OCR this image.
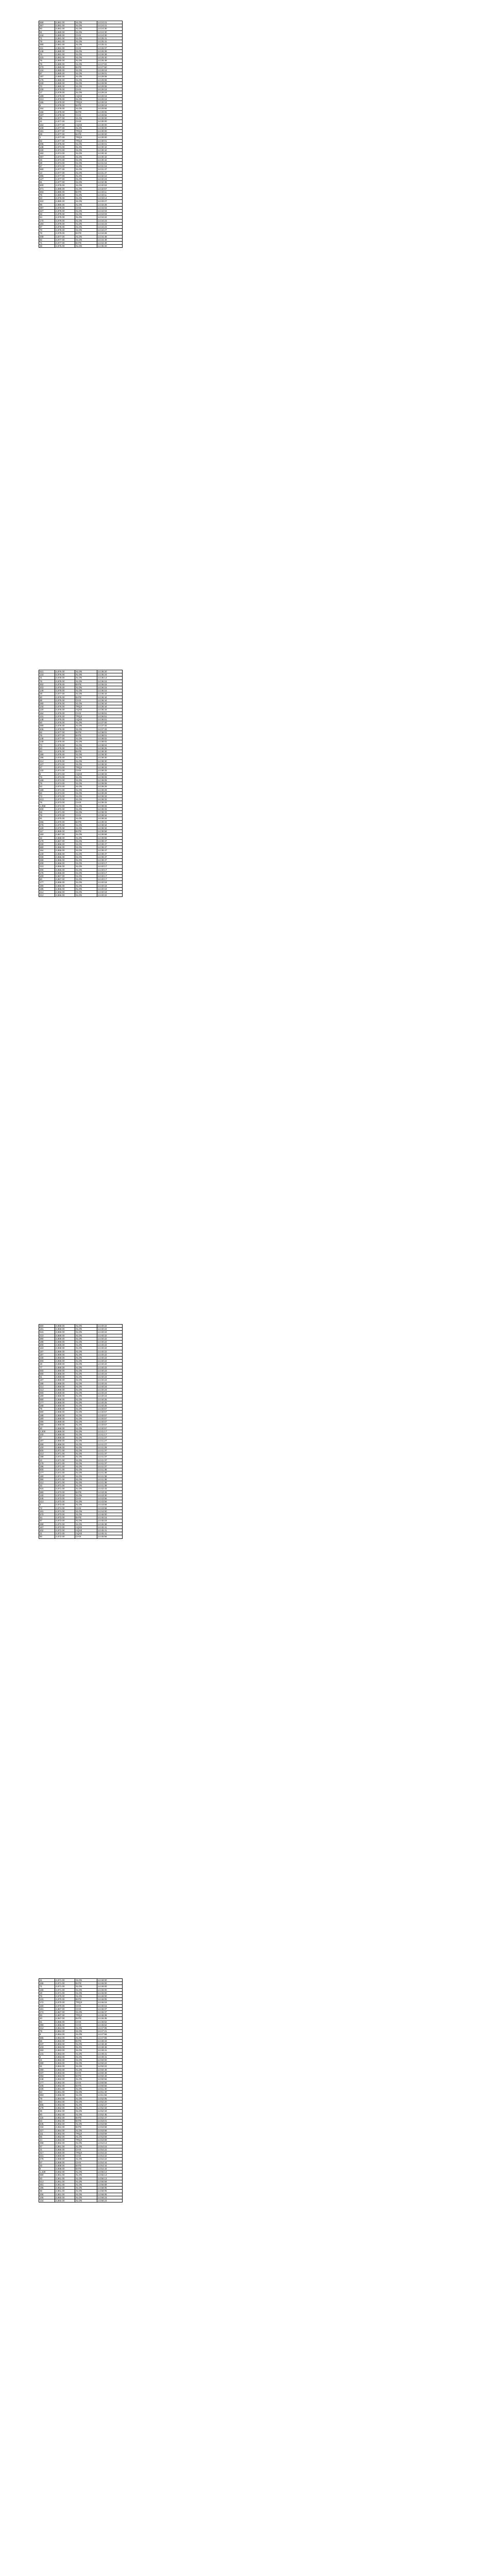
668	4,881.00	XLON	14:24:21
367	4,881.00	XLON	14:24:21
60	4,881.00	XLON	14:24:30
81	4,880.00	XLON	14:24:30
244	4,880.00	CHIX	14:24:30
71	4,881.00	XLON	14:25:41
79	4,881.00	XLON	14:25:41
480	4,881.00	XLON	14:25:41
211	4,881.00	CHIX	14:26:37
148	4,880.00	XLON	14:26:39
76	4,881.00	XLON	14:26:39
415	4,881.00	XLON	14:26:40
76	4,880.00	XLON	14:26:49
76	4,880.00	XLON	14:27:02
270	4,880.00	BATE	14:27:50
124	4,880.00	XLON	14:28:18
87	4,880.00	XLON	14:29:01
197	4,880.00	XLON	14:29:08
176	4,880.00	XLON	14:29:08
230	4,880.00	XLON	14:29:08
70	4,880.00	XLON	14:29:08
230	4,879.00	CHIX	14:29:18
17	4,879.00	XLON	14:29:18
189	4,879.00	AQXE	14:29:18
213	4,878.00	XLON	14:29:18
156	4,879.00	TRQX	14:29:18
6	4,879.00	BATE	14:29:18
164	4,878.00	XLON	14:29:55
156	4,878.00	BATE	14:29:55
197	4,878.00	CHIX	14:29:56
98	4,877.00	XLON	14:30:00
41	4,877.00	CHIX	14:30:00
154	4,877.00	AQXE	14:30:00
109	4,877.00	XLON	14:30:00
191	4,877.00	TRQX	14:30:00
39	4,877.00	BATE	14:30:00
1	4,877.00	TRQX	14:30:00
82	4,877.00	TRQX	14:30:01
205	4,876.00	XLON	14:30:01
138	4,874.00	XLON	14:30:42
230	4,874.00	XLON	14:30:42
182	4,874.00	XLON	14:30:42
367	4,874.00	XLON	14:30:42
26	4,874.00	XLON	14:30:42
28	4,874.00	XLON	14:31:16
57	4,874.00	XLON	14:31:16
560	4,877.00	XLON	14:31:47
13	4,877.00	XLON	14:31:47
386	4,877.00	XLON	14:32:10
127	4,877.00	XLON	14:32:23
81	4,877.00	XLON	14:32:35
500	4,876.00	XLON	14:32:53
371	4,880.00	XLON	14:32:57
303	4,880.00	BATE	14:33:11
76	4,880.00	XLON	14:33:11
23	4,879.00	XLON	14:33:14
322	4,880.00	XLON	14:33:27
99	4,880.00	XLON	14:33:28
397	4,879.00	CHIX	14:34:03
327	4,879.00	XLON	14:34:03
32	4,879.00	XLON	14:34:03
84	4,879.00	XLON	14:34:22
170	4,879.00	XLON	14:34:23
194	4,879.00	XLON	14:34:23
87	4,878.00	XLON	14:34:23
70	4,878.00	XLON	14:34:27
76	4,879.00	BATE	14:34:28
209	4,877.00	XLON	14:34:49
82	4,877.00	XLON	14:34:49
71	4,877.00	BATE	14:34:49
36	4,876.00	XLON	14:35:20
521	4,876.00	XLON	14:35:20
133	4,876.00	XLON	14:35:24
21	4,878.00	XLON	14:36:14
76	4,878.00	XLON	14:36:15
302	4,878.00	BATE	14:36:15
203	4,878.00	XLON	14:36:15
149	4,878.00	XLON	14:36:16
28	4,877.00	XLON	14:36:44
90	4,876.00	BATE	14:36:44
89	4,876.00	CHIX	14:36:44
280	4,876.00	XLON	14:36:44
134	4,876.00	TRQX	14:36:44
120	4,876.00	AQXE	14:36:44
164	4,876.00	CHIX	14:36:51
131	4,876.00	TRQX	14:36:51
148	4,876.00	AQXE	14:36:51
60	4,876.00	XLON	14:37:00
490	4,876.00	XLON	14:37:33
406	4,876.00	XLON	14:37:33
82	4,877.00	BATE	14:38:01
76	4,877.00	BATE	14:38:01
148	4,877.00	XLON	14:38:02
149	4,876.00	XLON	14:38:02
73	4,876.00	XLON	14:38:04
63	4,876.00	XLON	14:38:25
84	4,875.00	BATE	14:38:30
199	4,875.00	XLON	14:38:30
196	4,875.00	XLON	14:38:30
214	4,875.00	XLON	14:38:30
127	4,874.00	XLON	14:38:32
67	4,874.00	TRQX	14:38:33
132	4,874.00	CHIX	14:38:33
6	4,874.00	AQXE	14:38:33
76	4,874.00	XLON	14:39:09
168	4,874.00	XLON	14:39:09
79	4,874.00	XLON	14:39:09
53	4,874.00	XLON	14:39:29
189	4,874.00	XLON	14:39:29
82	4,874.00	XLON	14:39:29
73	4,873.00	XLON	14:39:33
413	4,873.00	XLON	14:39:33
76	4,873.00	CHIX	14:39:33
1,058	4,872.00	XLON	14:39:33
400	4,872.00	XLON	14:39:33
26	4,871.00	XLON	14:39:33
79	4,870.00	CHIX	14:39:34
81	4,870.00	XLON	14:39:34
266	4,870.00	BATE	14:39:34
276	4,870.00	XLON	14:39:34
129	4,870.00	XLON	14:39:34
117	4,869.00	BATE	14:39:58
150	4,867.00	XLON	14:39:58
32	4,868.00	XLON	14:39:58
178	4,867.00	XLON	14:39:47
230	4,866.00	XLON	14:39:47
680	4,866.00	XLON	14:39:47
164	4,866.00	XLON	14:39:47
140	4,866.00	XLON	14:39:47
230	4,866.00	XLON	14:39:47
258	4,866.00	XLON	14:39:47
209	4,866.00	XLON	14:40:17
210	4,866.00	XLON	14:40:17
200	4,866.00	XLON	14:40:17
176	4,866.00	XLON	14:40:17
100	4,867.00	XLON	14:40:17
60	4,867.00	XLON	14:40:17
177	4,866.00	XLON	14:40:18
190	4,866.00	XLON	14:40:18
195	4,866.00	XLON	14:40:18
214	4,866.00	XLON	14:40:18
212	4,866.00	XLON	14:40:22
560	4,869.00	XLON	14:40:22
191	4,869.00	XLON	14:40:22
515	4,869.00	XLON	14:40:22
210	4,869.00	XLON	14:40:22
380	4,869.00	XLON	14:40:22
188	4,869.00	XLON	14:40:22
200	4,869.00	XLON	14:40:22
163	4,868.00	XLON	14:40:22
187	4,869.00	XLON	14:40:22
187	4,869.00	XLON	14:40:22
230	4,869.00	XLON	14:40:22
450	4,869.00	XLON	14:40:22
19	4,869.00	XLON	14:40:22
77	4,869.00	XLON	14:40:22
560	4,869.00	XLON	14:40:23
680	4,868.00	XLON	14:40:24
61	4,869.00	XLON	14:40:24
187	4,868.00	XLON	14:40:24
188	4,869.00	XLON	14:40:24
214	4,869.00	XLON	14:40:24
213	4,869.00	XLON	14:40:24
450	4,869.00	XLON	14:40:24
180	4,869.00	XLON	14:40:24
680	4,868.00	XLON	14:40:25
177	4,868.00	XLON	14:40:25
188	4,868.00	XLON	14:40:25
79	4,868.00	XLON	14:40:57
580	4,868.00	XLON	14:40:57
188	4,868.00	XLON	14:40:57
180	4,869.00	XLON	14:40:57
290	4,869.00	XLON	14:40:57
290	4,869.00	XLON	14:40:57
30	4,869.00	XLON	14:40:57
2,000	4,869.00	XLON	14:41:17
100	4,869.00	XLON	14:41:17
87	4,869.00	XLON	14:41:27
187	4,869.00	XLON	14:41:27
499	4,869.00	XLON	14:41:27
100	4,869.00	XLON	14:41:29
500	4,871.00	XLON	14:41:37
213	4,871.00	XLON	14:41:37
189	4,871.00	XLON	14:41:37
22	4,871.00	XLON	14:41:37
179	4,871.00	XLON	14:41:37
196	4,871.00	XLON	14:41:37
500	4,871.00	XLON	14:41:38
177	4,871.00	XLON	14:41:38
190	4,871.00	XLON	14:41:38
390	4,871.00	XLON	14:41:38
212	4,871.00	XLON	14:41:38
33	4,871.00	XLON	14:41:38
915	4,871.00	XLON	14:42:43
380	4,873.00	BATE	14:43:28
130	4,873.00	XLON	14:43:30
345	4,873.00	CHIX	14:43:56
213	4,873.00	XLON	14:43:56
4	4,873.00	XLON	14:43:56
72	4,874.00	CHIX	14:43:58
161	4,874.00	XLON	14:44:00
570	4,873.00	XLON	14:45:00
94	4,873.00	BATE	14:45:16
87	4,873.00	XLON	14:45:16
268	4,872.00	XLON	14:45:38
167	4,872.00	AQXE	14:45:41
202	4,872.00	AQXE	14:45:41
21	4,872.00	AQXE	14:45:41
90	4,872.00	CHIX	14:45:56
31	4,871.00	XLON	14:46:00
155	4,871.00	BATE	14:46:00
71	4,871.00	XLON	14:46:00
156	4,871.00	XLON	14:46:00
19	4,871.00	XLON	14:46:00
76	4,870.00	XLON	14:46:00
131	4,870.00	BATE	14:46:05
172	4,870.00	TRQX	14:46:15
160	4,870.00	CHIX	14:46:15
161	4,867.00	CHIX	14:46:37
274	4,867.00	XLON	14:46:37
93	4,867.00	TRQX	14:46:39
40	4,867.00	BATE	14:46:39
61	4,866.00	CHIX	14:46:52
290	4,866.00	CHIX	14:46:52
212	4,864.00	XLON	14:47:06
79	4,864.00	XLON	14:47:21
8	4,864.00	XLON	14:47:56
565	4,864.00	XLON	14:47:56
56	4,863.00	BATE	14:48:33
247	4,863.00	XLON	14:48:48
103	4,863.00	XLON	14:48:48
250	4,863.00	XLON	14:49:41
141	4,863.00	XLON	14:49:41
4	4,863.00	XLON	14:49:41
21	4,863.00	XLON	14:50:00
290	4,863.00	XLON	14:50:22
91	4,863.00	XLON	14:50:22
290	4,863.00	XLON	14:50:49
237	4,863.00	CHIX	14:50:49
294	4,863.00	BATE	14:50:49
248	4,862.00	XLON	14:50:56
177	4,862.00	CHIX	14:50:56
106	4,862.00	BATE	14:50:56
230	4,861.00	XLON	14:51:40
54	4,861.00	XLON	14:51:40
593	4,865.00	XLON	14:51:56
78	4,864.00	XLON	14:52:05
84	4,864.00	XLON	14:52:20
305	4,863.00	XLON	14:52:27
178	4,862.00	XLON	14:52:33
35	4,862.00	XLON	14:52:33
80	4,862.00	XLON	14:52:45
116	4,862.00	BATE	14:52:47
53	4,862.00	BATE	14:53:01
846	4,862.00	XLON	14:53:58
234	4,864.00	BATE	14:53:58
327	4,864.00	XLON	14:53:58
111	4,862.00	TRQX	14:53:59
86	4,862.00	XLON	14:53:59
44	4,863.00	TRQX	14:53:59
258	4,862.00	XLON	14:54:13
87	4,861.00	XLON	14:54:15
21	4,860.00	CHIX	14:54:22
317	4,860.00	TRQX	14:54:22
221	4,860.00	CHIX	14:54:22
279	4,859.00	XLON	14:54:22
57	4,858.00	CHIX	14:54:44
45	4,858.00	BATE	14:54:44
8	4,858.00	BATE	14:54:44
1,428	4,862.00	XLON	14:55:13
680	4,861.00	XLON	14:56:13
83	4,861.00	XLON	14:56:13
513	4,861.00	XLON	14:56:59
491	4,861.00	XLON	14:56:59
196	4,862.00	XLON	14:58:05
66	4,861.00	XLON	14:58:05
206	4,861.00	XLON	14:58:05
106	4,860.00	XLON	14:58:23
134	4,860.00	XLON	14:58:23
